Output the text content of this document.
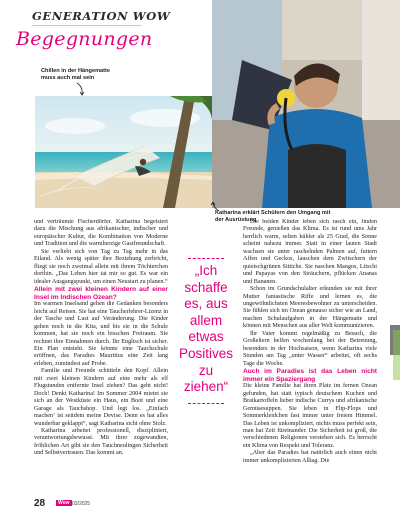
GENERATION WOW
Begegnungen
Chillen in der Hängematte
muss auch mal sein
Katharina erklärt Schülern den Umgang mit
der Ausrüstung

und verträumte Fischerdörfer. Katharina begeistert dazu die Mischung aus afrikanischer, indischer und europäischer Kultur, die Kombination von Moderne und Tradition und die warmherzige Gastfreundschaft.

Sie verliebt sich von Tag zu Tag mehr in das Eiland. Als wenig später ihre Beziehung zerbricht, fliegt sie noch zweimal allein mit ihrem Töchterchen dorthin. „Das Leben hier tat mir so gut. Es war ein idealer Ausgangspunkt, um einen Neustart zu planen.“

Allein mit zwei kleinen Kindern auf einer Insel im Indischen Ozean?

Im warmen Inselsand gehen die Gedanken besonders leicht auf Reisen. Sie hat eine Taucherlehrer-Lizenz in der Tasche und Lust auf Veränderung. Die Kinder gehen noch in die Kita, und bis sie in die Schule kommen, hat sie noch ein bisschen Freiraum. Sie rechnet ihre Einnahmen durch. Ihr Englisch ist sicher. Ein Plan entsteht. Sie könnte eine Tauchschule eröffnen, das Paradies Mauritius eine Zeit lang erleben, zumindest auf Probe.

Familie und Freunde schütteln den Kopf. Allein mit zwei kleinen Kindern auf eine mehr als elf Flugstunden entfernte Insel ziehen? Das geht nicht! Doch! Denkt Katharina! Im Sommer 2004 mietet sie sich an der Westküste ein Haus, ein Boot und eine Garage als Tauchshop. Und legt los. „Einfach machen‘ ist seitdem meine Devise. Denn es hat alles wunderbar geklappt“, sagt Katharina sicht ohne Stolz.

Katharina arbeitet professionell, diszipliniert, verantwortungsbewusst. Mit ihrer zugewandten, fröhlichen Art gibt sie den Tauchneulingen Sicherheit und Selbstvertrauen. Das kommt an.

„Ich
schaffe
es, aus
allem
etwas
Positives
zu
ziehen“

Die beiden Kinder leben sich rasch ein, finden Freunde, genießen das Klima. Es ist rund ums Jahr herrlich warm, selten kühler als 25 Grad, die Sonne scheint nahezu immer. Statt in einer lauten Stadt wachsen sie unter raschelnden Palmen auf, futtern Affen und Geckos, lauschen dem Zwitschern der quietschgrünen Sittiche. Sie naschen Mangos, Litschi und Papayas von den Sträuchern, pflücken Ananas und Bananen.

Schon im Grundschulalter erkunden sie mit ihrer Mutter fantastische Riffe und lernen es, die ungewöhnlichsten Meeresbewohner zu unterscheiden. Sie fühlen sich im Ozean genauso sicher wie an Land, machen Schulaufgaben in der Hängematte und können mit Menschen aus aller Welt kommunizieren.

Ihr Vater kommt regelmäßig zu Besuch, die Großeltern helfen wochenlang bei der Betreuung, besonders in der Hochsaison, wenn Katharina viele Stunden am Tag „unter Wasser“ arbeitet, oft sechs Tage die Woche.

Auch im Paradies ist das Leben nicht immer ein Spaziergang

Die kleine Familie hat ihren Platz im fernen Ozean gefunden, hat statt typisch deutschem Kuchen und Bratkartoffeln lieber indische Currys und afrikanische Gemüsesuppen. Sie leben in Flip-Flops und Sommerkleidchen fast immer unter freiem Himmel. Das Leben ist unkompliziert, nichts muss perfekt sein, man hat Zeit füreinander. Die Sicherheit ist groß, die verschiedenen Religionen verstehen sich. Es herrscht ein Klima von Respekt und Toleranz.

„Aber das Paradies hat natürlich auch einen nicht immer unkomplizierten Alltag. Die

28	Wow 03/2025
